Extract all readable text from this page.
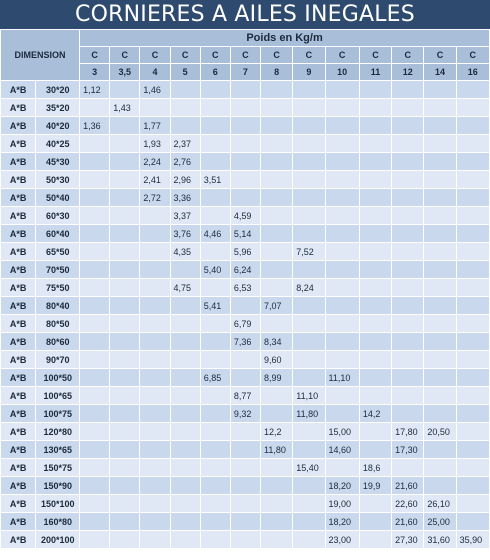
CORNIERES A AILES INEGALES
DIMENSION		Poids en Kg/m												
		C	C	C	C	C	C	C	C	C	C	C	C	C
		3	3,5	4	5	6	7	8	9	10	11	12	14	16
A*B	30*20	1,12		1,46										
A*B	35*20		1,43											
A*B	40*20	1,36		1,77										
A*B	40*25			1,93	2,37									
A*B	45*30			2,24	2,76									
A*B	50*30			2,41	2,96	3,51								
A*B	50*40			2,72	3,36									
A*B	60*30				3,37		4,59							
A*B	60*40				3,76	4,46	5,14							
A*B	65*50				4,35		5,96		7,52					
A*B	70*50					5,40	6,24							
A*B	75*50				4,75		6,53		8,24					
A*B	80*40					5,41		7,07						
A*B	80*50						6,79							
A*B	80*60						7,36	8,34						
A*B	90*70							9,60						
A*B	100*50					6,85		8,99		11,10				
A*B	100*65						8,77		11,10					
A*B	100*75						9,32		11,80		14,2			
A*B	120*80							12,2		15,00		17,80	20,50	
A*B	130*65							11,80		14,60		17,30		
A*B	150*75								15,40		18,6			
A*B	150*90									18,20	19,9	21,60		
A*B	150*100									19,00		22,60	26,10	
A*B	160*80									18,20		21,60	25,00	
A*B	200*100									23,00		27,30	31,60	35,90
